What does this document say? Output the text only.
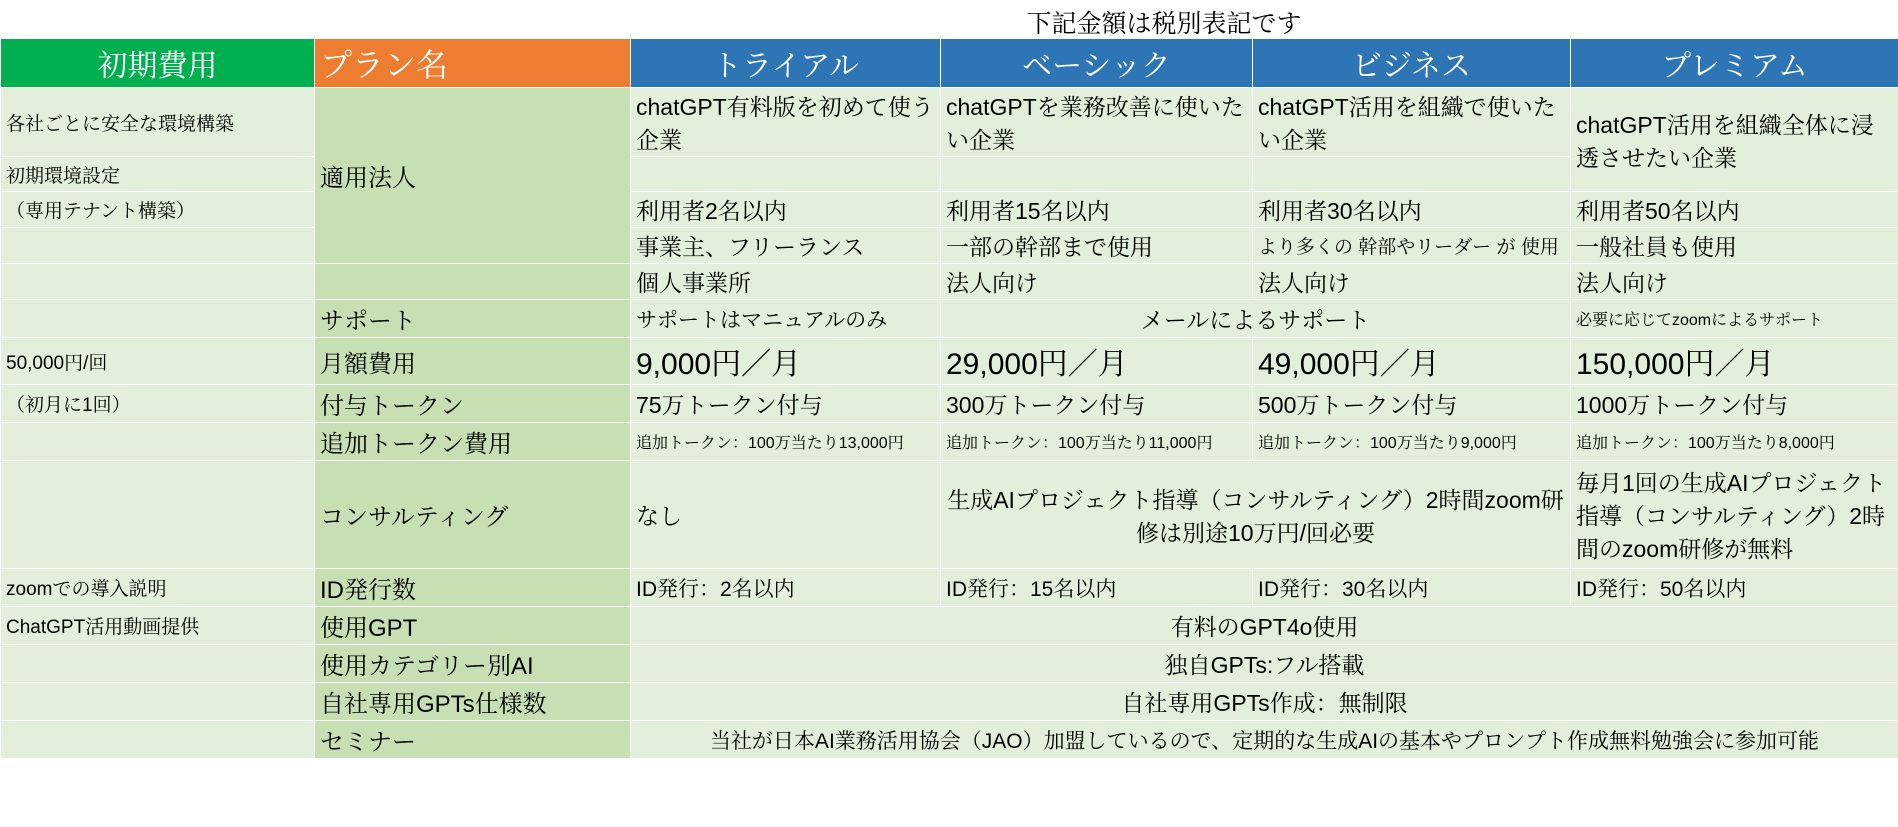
下記金額は税別表記です
初期費用	プラン名	トライアル	ベーシック	ビジネス	プレミアム
各社ごとに安全な環境構築	適用法人	chatGPT有料版を初めて使う企業	chatGPTを業務改善に使いたい企業	chatGPT活用を組織で使いたい企業	chatGPT活用を組織全体に浸透させたい企業
初期環境設定					
（専用テナント構築）		利用者2名以内	利用者15名以内	利用者30名以内	利用者50名以内
		事業主、フリーランス	一部の幹部まで使用	より多くの 幹部やリーダー が 使用	一般社員も使用
		個人事業所	法人向け	法人向け	法人向け
	サポート	サポートはマニュアルのみ	メールによるサポート		必要に応じてzoomによるサポート
50,000円/回	月額費用	9,000円／月	29,000円／月	49,000円／月	150,000円／月
（初月に1回）	付与トークン	75万トークン付与	300万トークン付与	500万トークン付与	1000万トークン付与
	追加トークン費用	追加トークン：100万当たり13,000円	追加トークン：100万当たり11,000円	追加トークン：100万当たり9,000円	追加トークン：100万当たり8,000円
	コンサルティング	なし	生成AIプロジェクト指導（コンサルティング）2時間zoom研修は別途10万円/回必要		毎月1回の生成AIプロジェクト指導（コンサルティング）2時間のzoom研修が無料
zoomでの導入説明	ID発行数	ID発行：2名以内	ID発行：15名以内	ID発行：30名以内	ID発行：50名以内
ChatGPT活用動画提供	使用GPT	有料のGPT4o使用			
	使用カテゴリー別AI	独自GPTs:フル搭載			
	自社専用GPTs仕様数	自社専用GPTs作成：無制限			
	セミナー	当社が日本AI業務活用協会（JAO）加盟しているので、定期的な生成AIの基本やプロンプト作成無料勉強会に参加可能			
